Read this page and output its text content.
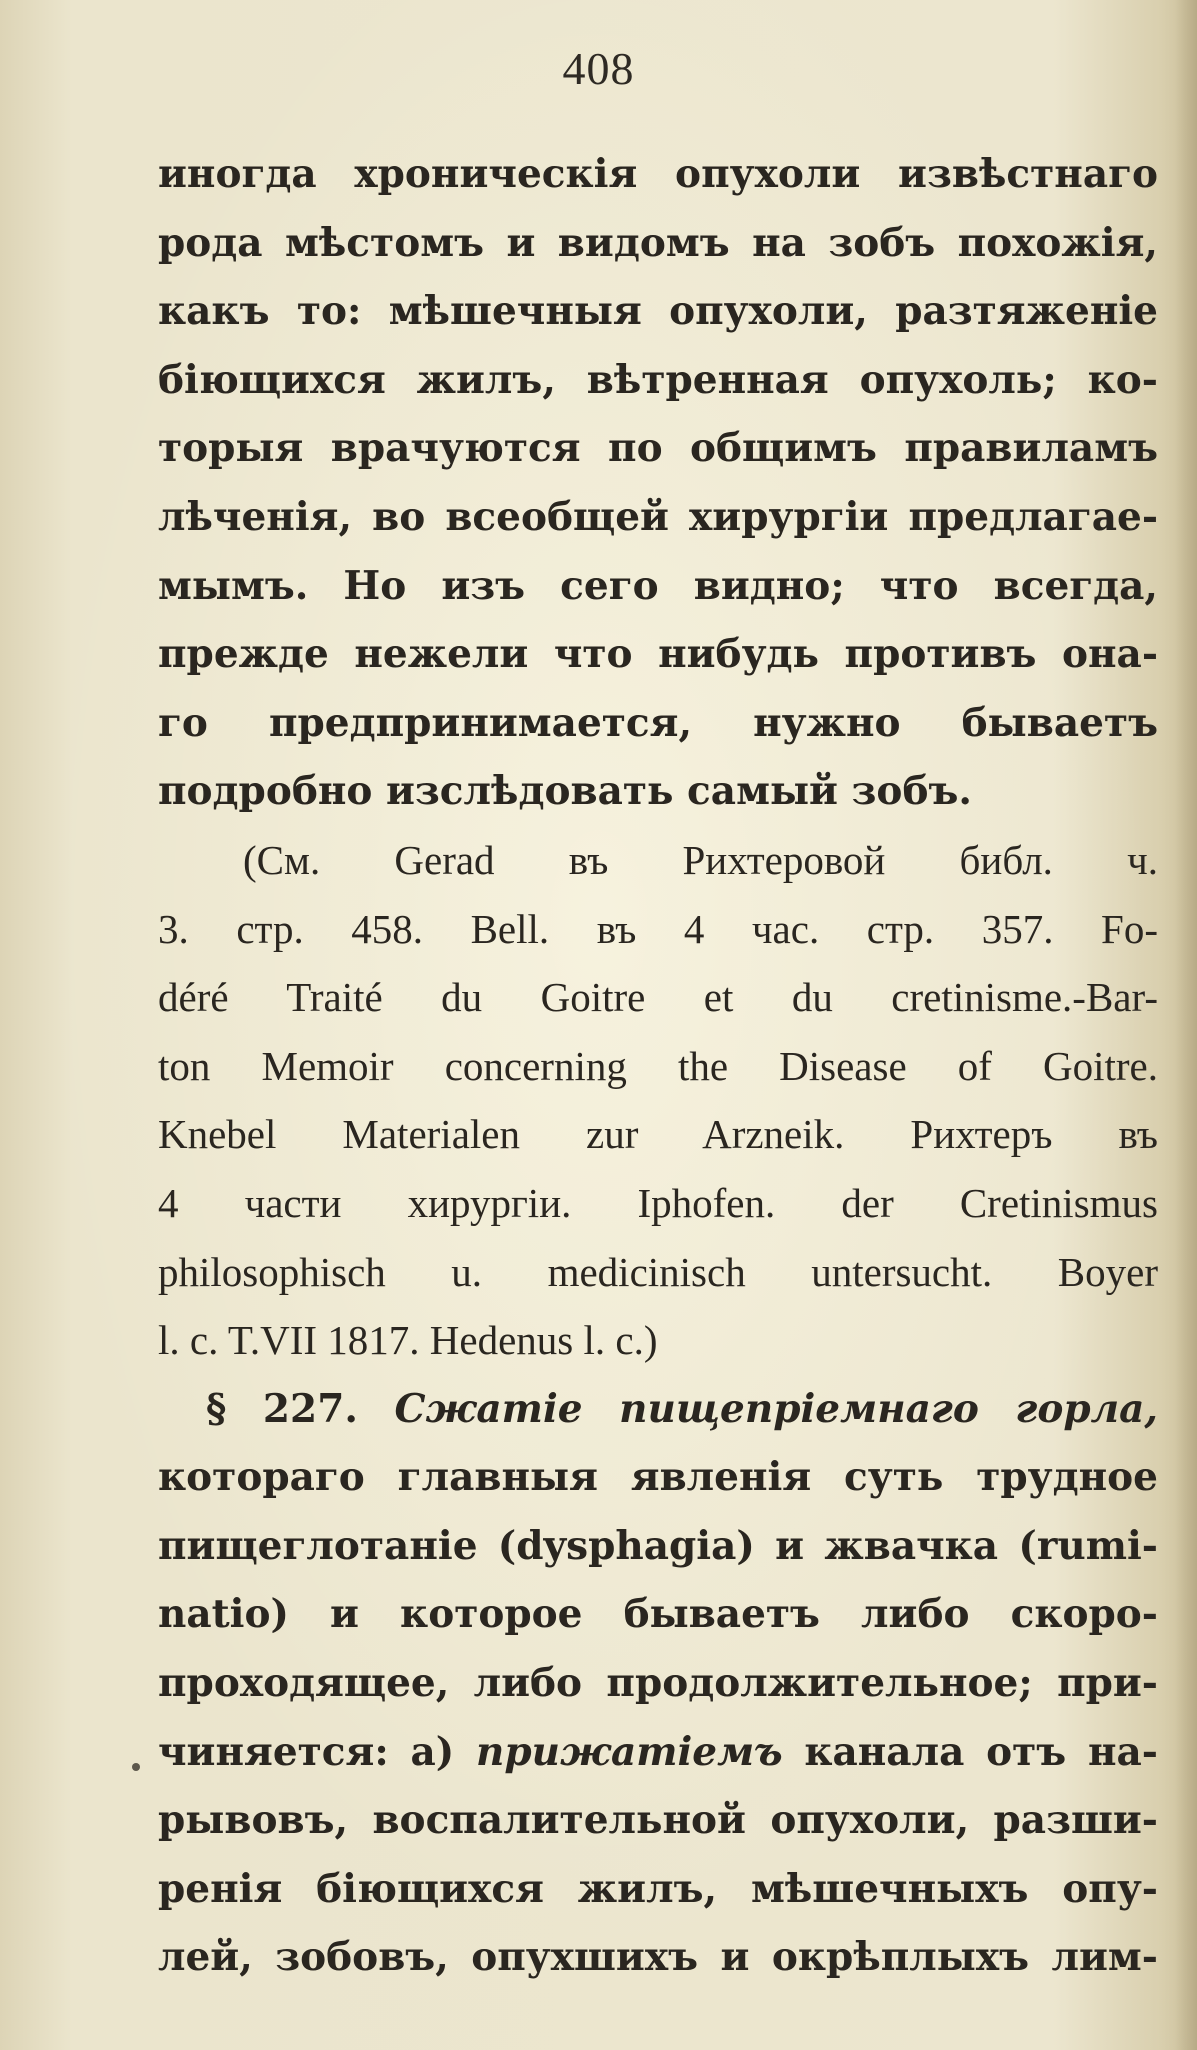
408
иногда хроническія опухоли извѣстнаго
рода мѣстомъ и видомъ на зобъ похожія,
какъ то: мѣшечныя опухоли, разтяженіе
біющихся жилъ, вѣтренная опухоль; ко-
торыя врачуются по общимъ правиламъ
лѣченія, во всеобщей хирургіи предлагае-
мымъ. Но изъ сего видно; что всегда,
прежде нежели что нибудь противъ она-
го предпринимается, нужно бываетъ
подробно изслѣдовать самый зобъ.
(См. Gerad въ Рихтеровой библ. ч.
3. стр. 458. Bell. въ 4 час. стр. 357. Fo-
déré Traité du Goitre et du cretinisme.-Bar-
ton Memoir concerning the Disease of Goitre.
Knebel Materialen zur Arzneik. Рихтеръ въ
4 части хирургіи. Iphofen. der Cretinismus
philosophisch u. medicinisch untersucht. Boyer
l. c. T.VII 1817. Hedenus l. c.)
§ 227. Сжатіе пищепріемнаго горла,
котораго главныя явленія суть трудное
пищеглотаніе (dysphagia) и жвачка (rumi-
natio) и которое бываетъ либо скоро-
проходящее, либо продолжительное; при-
чиняется: а) прижатіемъ канала отъ на-
рывовъ, воспалительной опухоли, разши-
ренія біющихся жилъ, мѣшечныхъ опу-
лей, зобовъ, опухшихъ и окрѣплыхъ лим-
